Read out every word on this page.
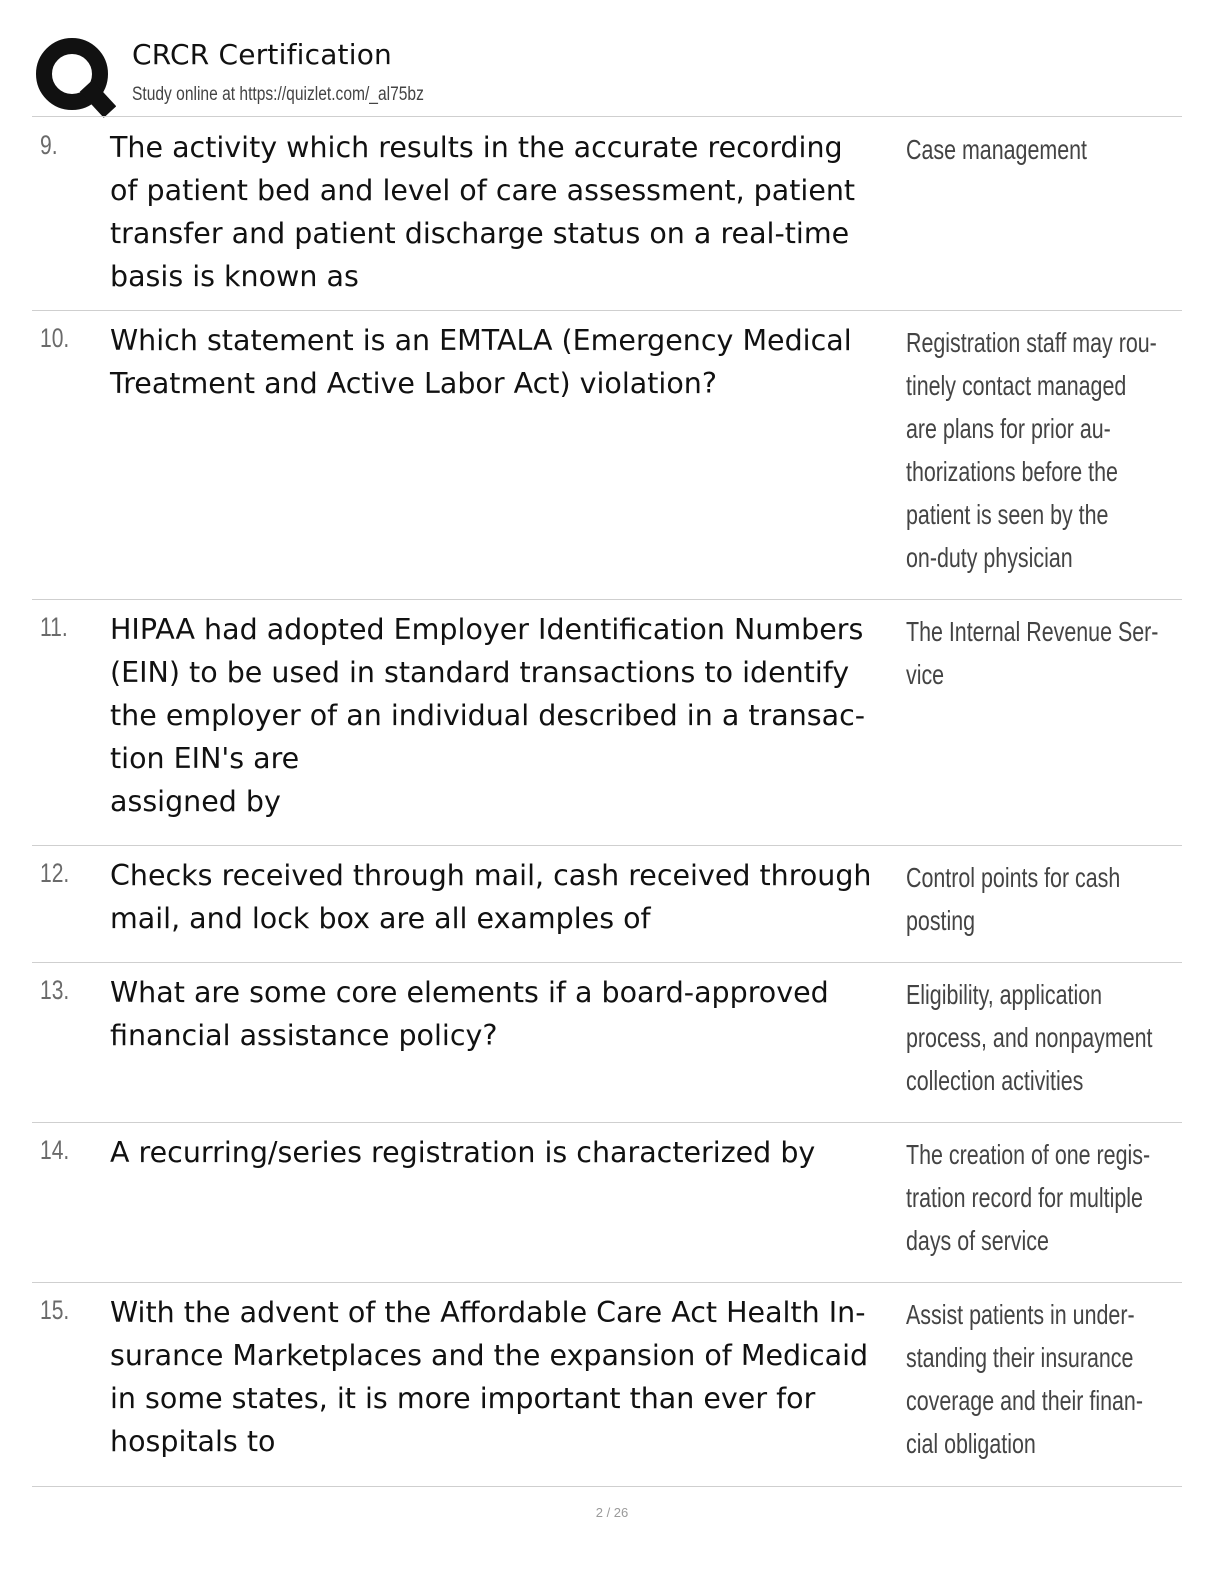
CRCR Certification
Study online at https://quizlet.com/_al75bz
9. The activity which results in the accurate recording
of patient bed and level of care assessment, patient
transfer and patient discharge status on a real-time
basis is known as
Case management
10. Which statement is an EMTALA (Emergency Medical
Treatment and Active Labor Act) violation?
Registration staff may rou-
tinely contact managed
are plans for prior au-
thorizations before the
patient is seen by the
on-duty physician
11. HIPAA had adopted Employer Identification Numbers
(EIN) to be used in standard transactions to identify
the employer of an individual described in a transac-
tion EIN's are
assigned by
The Internal Revenue Ser-
vice
12. Checks received through mail, cash received through
mail, and lock box are all examples of
Control points for cash
posting
13. What are some core elements if a board-approved
financial assistance policy?
Eligibility, application
process, and nonpayment
collection activities
14. A recurring/series registration is characterized by	The creation of one regis-
tration record for multiple
days of service
15. With the advent of the Affordable Care Act Health In-
surance Marketplaces and the expansion of Medicaid
in some states, it is more important than ever for
hospitals to
Assist patients in under-
standing their insurance
coverage and their finan-
cial obligation
2 / 26
